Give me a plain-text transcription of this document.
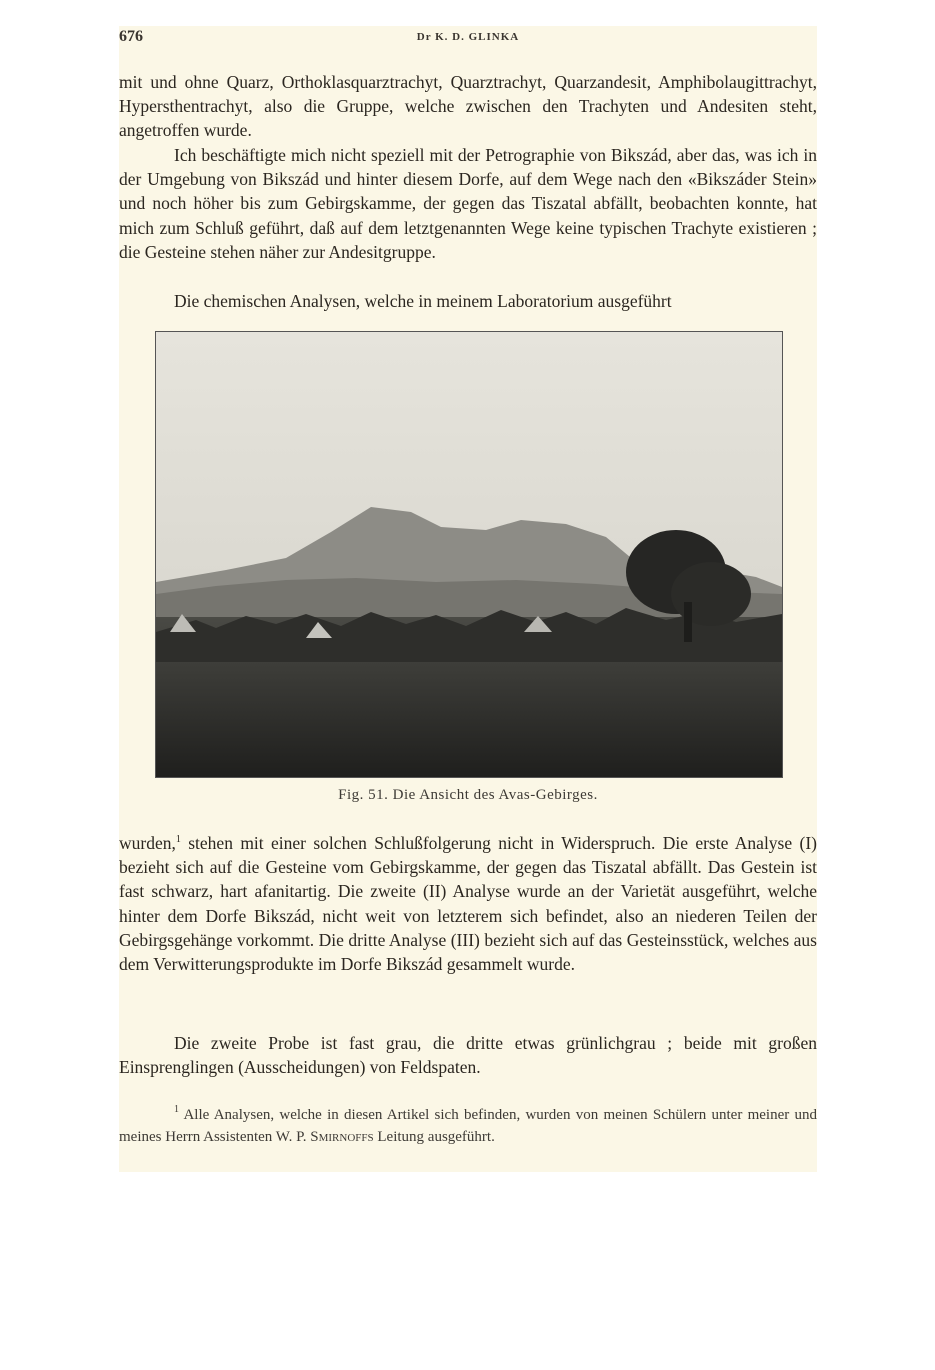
676	Dr K. D. GLINKA

mit und ohne Quarz, Orthoklasquarztrachyt, Quarztrachyt, Quarzandesit, Amphibolaugittrachyt, Hypersthentrachyt, also die Gruppe, welche zwischen den Trachyten und Andesiten steht, angetroffen wurde.

Ich beschäftigte mich nicht speziell mit der Petrographie von Bikszád, aber das, was ich in der Umgebung von Bikszád und hinter diesem Dorfe, auf dem Wege nach den «Bikszáder Stein» und noch höher bis zum Gebirgskamme, der gegen das Tiszatal abfällt, beobachten konnte, hat mich zum Schluß geführt, daß auf dem letztgenannten Wege keine typischen Trachyte existieren ; die Gesteine stehen näher zur Andesitgruppe.

Die chemischen Analysen, welche in meinem Laboratorium ausgeführt

Fig. 51. Die Ansicht des Avas-Gebirges.

wurden,$^1$ stehen mit einer solchen Schlußfolgerung nicht in Widerspruch. Die erste Analyse (I) bezieht sich auf die Gesteine vom Gebirgskamme, der gegen das Tiszatal abfällt. Das Gestein ist fast schwarz, hart afanitartig. Die zweite (II) Analyse wurde an der Varietät ausgeführt, welche hinter dem Dorfe Bikszád, nicht weit von letzterem sich befindet, also an niederen Teilen der Gebirgsgehänge vorkommt. Die dritte Analyse (III) bezieht sich auf das Gesteinsstück, welches aus dem Verwitterungsprodukte im Dorfe Bikszád gesammelt wurde.

Die zweite Probe ist fast grau, die dritte etwas grünlichgrau ; beide mit großen Einsprenglingen (Ausscheidungen) von Feldspaten.

$^1$ Alle Analysen, welche in diesen Artikel sich befinden, wurden von meinen Schülern unter meiner und meines Herrn Assistenten W. P. Smirnoffs Leitung ausgeführt.
